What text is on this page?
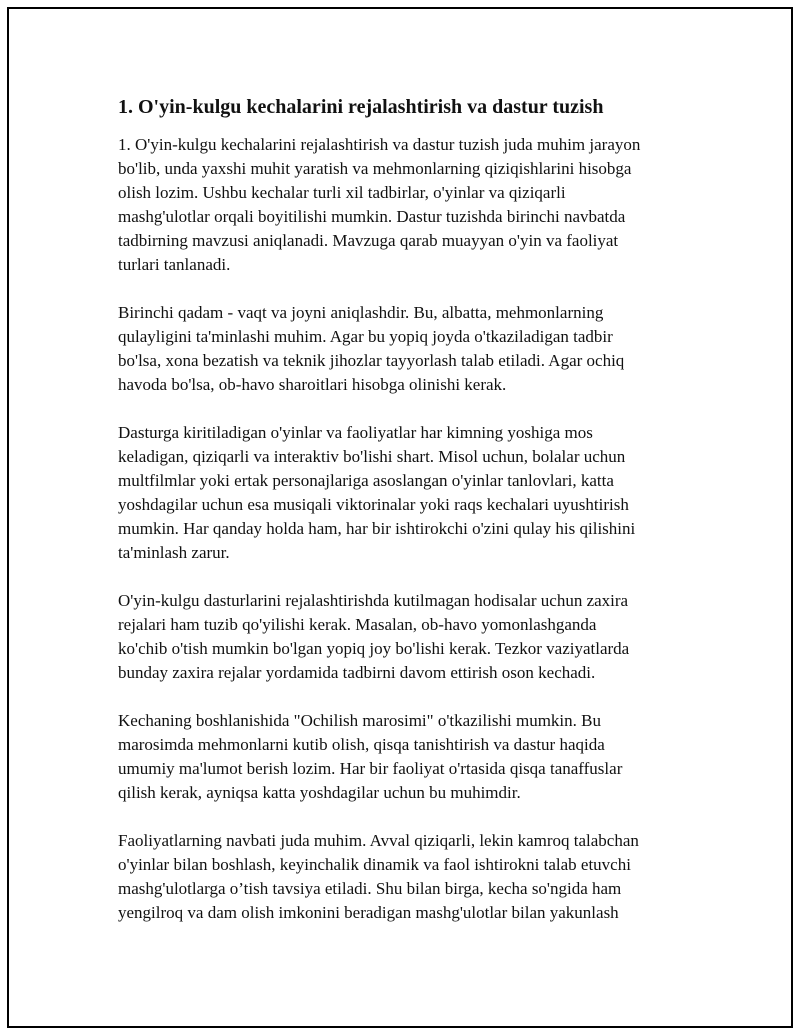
1. O'yin-kulgu kechalarini rejalashtirish va dastur tuzish

1. O'yin-kulgu kechalarini rejalashtirish va dastur tuzish juda muhim jarayon
bo'lib, unda yaxshi muhit yaratish va mehmonlarning qiziqishlarini hisobga
olish lozim. Ushbu kechalar turli xil tadbirlar, o'yinlar va qiziqarli
mashg'ulotlar orqali boyitilishi mumkin. Dastur tuzishda birinchi navbatda
tadbirning mavzusi aniqlanadi. Mavzuga qarab muayyan o'yin va faoliyat
turlari tanlanadi.

Birinchi qadam - vaqt va joyni aniqlashdir. Bu, albatta, mehmonlarning
qulayligini ta'minlashi muhim. Agar bu yopiq joyda o'tkaziladigan tadbir
bo'lsa, xona bezatish va teknik jihozlar tayyorlash talab etiladi. Agar ochiq
havoda bo'lsa, ob-havo sharoitlari hisobga olinishi kerak.

Dasturga kiritiladigan o'yinlar va faoliyatlar har kimning yoshiga mos
keladigan, qiziqarli va interaktiv bo'lishi shart. Misol uchun, bolalar uchun
multfilmlar yoki ertak personajlariga asoslangan o'yinlar tanlovlari, katta
yoshdagilar uchun esa musiqali viktorinalar yoki raqs kechalari uyushtirish
mumkin. Har qanday holda ham, har bir ishtirokchi o'zini qulay his qilishini
ta'minlash zarur.

O'yin-kulgu dasturlarini rejalashtirishda kutilmagan hodisalar uchun zaxira
rejalari ham tuzib qo'yilishi kerak. Masalan, ob-havo yomonlashganda
ko'chib o'tish mumkin bo'lgan yopiq joy bo'lishi kerak. Tezkor vaziyatlarda
bunday zaxira rejalar yordamida tadbirni davom ettirish oson kechadi.

Kechaning boshlanishida "Ochilish marosimi" o'tkazilishi mumkin. Bu
marosimda mehmonlarni kutib olish, qisqa tanishtirish va dastur haqida
umumiy ma'lumot berish lozim. Har bir faoliyat o'rtasida qisqa tanaffuslar
qilish kerak, ayniqsa katta yoshdagilar uchun bu muhimdir.

Faoliyatlarning navbati juda muhim. Avval qiziqarli, lekin kamroq talabchan
o'yinlar bilan boshlash, keyinchalik dinamik va faol ishtirokni talab etuvchi
mashg'ulotlarga o’tish tavsiya etiladi. Shu bilan birga, kecha so'ngida ham
yengilroq va dam olish imkonini beradigan mashg'ulotlar bilan yakunlash
